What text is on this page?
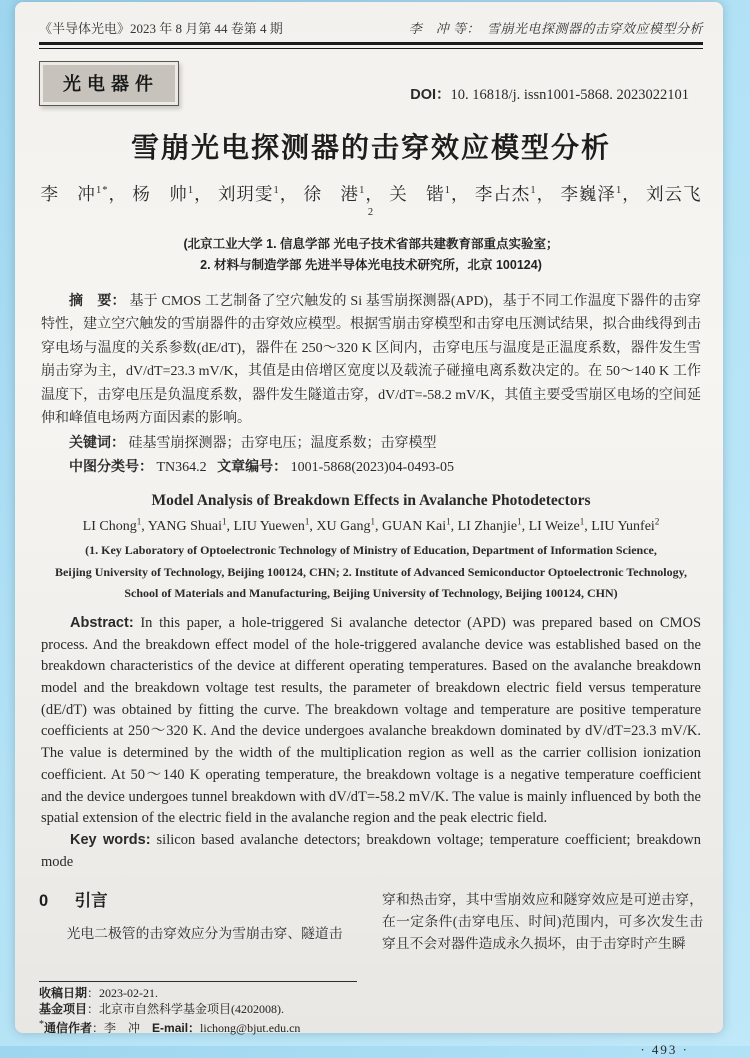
《半导体光电》2023 年 8 月第 44 卷第 4 期	李　冲 等：　雪崩光电探测器的击穿效应模型分析
光电器件
DOI：10. 16818/j. issn1001-5868. 2023022101
雪崩光电探测器的击穿效应模型分析
李　冲$^{1*}$， 杨　帅$^1$， 刘玥雯$^1$， 徐　港$^1$， 关　锴$^1$， 李占杰$^1$， 李巍泽$^1$， 刘云飞$^2$
(北京工业大学 1. 信息学部 光电子技术省部共建教育部重点实验室；
2. 材料与制造学部 先进半导体光电技术研究所，北京 100124)

摘　要： 基于 CMOS 工艺制备了空穴触发的 Si 基雪崩探测器(APD)，基于不同工作温度下器件的击穿特性，建立空穴触发的雪崩器件的击穿效应模型。根据雪崩击穿模型和击穿电压测试结果，拟合曲线得到击穿电场与温度的关系参数(dE/dT)，器件在 250～320 K 区间内，击穿电压与温度是正温度系数，器件发生雪崩击穿为主，dV/dT=23.3 mV/K，其值是由倍增区宽度以及载流子碰撞电离系数决定的。在 50～140 K 工作温度下，击穿电压是负温度系数，器件发生隧道击穿，dV/dT=-58.2 mV/K，其值主要受雪崩区电场的空间延伸和峰值电场两方面因素的影响。

关键词： 硅基雪崩探测器；击穿电压；温度系数；击穿模型

中图分类号： TN364.2 文章编号： 1001-5868(2023)04-0493-05

Model Analysis of Breakdown Effects in Avalanche Photodetectors
LI Chong$^1$, YANG Shuai$^1$, LIU Yuewen$^1$, XU Gang$^1$, GUAN Kai$^1$, LI Zhanjie$^1$, LI Weize$^1$, LIU Yunfei$^2$
(1. Key Laboratory of Optoelectronic Technology of Ministry of Education, Department of Information Science,
Beijing University of Technology, Beijing 100124, CHN; 2. Institute of Advanced Semiconductor Optoelectronic Technology,
School of Materials and Manufacturing, Beijing University of Technology, Beijing 100124, CHN)

Abstract: In this paper, a hole-triggered Si avalanche detector (APD) was prepared based on CMOS process. And the breakdown effect model of the hole-triggered avalanche device was established based on the breakdown characteristics of the device at different operating temperatures. Based on the avalanche breakdown model and the breakdown voltage test results, the parameter of breakdown electric field versus temperature (dE/dT) was obtained by fitting the curve. The breakdown voltage and temperature are positive temperature coefficients at 250～320 K. And the device undergoes avalanche breakdown dominated by dV/dT=23.3 mV/K. The value is determined by the width of the multiplication region as well as the carrier collision ionization coefficient. At 50～140 K operating temperature, the breakdown voltage is a negative temperature coefficient and the device undergoes tunnel breakdown with dV/dT=-58.2 mV/K. The value is mainly influenced by both the spatial extension of the electric field in the avalanche region and the peak electric field.

Key words: silicon based avalanche detectors; breakdown voltage; temperature coefficient; breakdown mode

0 引言

光电二极管的击穿效应分为雪崩击穿、隧道击

穿和热击穿，其中雪崩效应和隧穿效应是可逆击穿，在一定条件(击穿电压、时间)范围内，可多次发生击穿且不会对器件造成永久损坏，由于击穿时产生瞬

收稿日期：2023-02-21.
基金项目：北京市自然科学基金项目(4202008).
*通信作者：李　冲　E-mail：lichong@bjut.edu.cn
· 493 ·
